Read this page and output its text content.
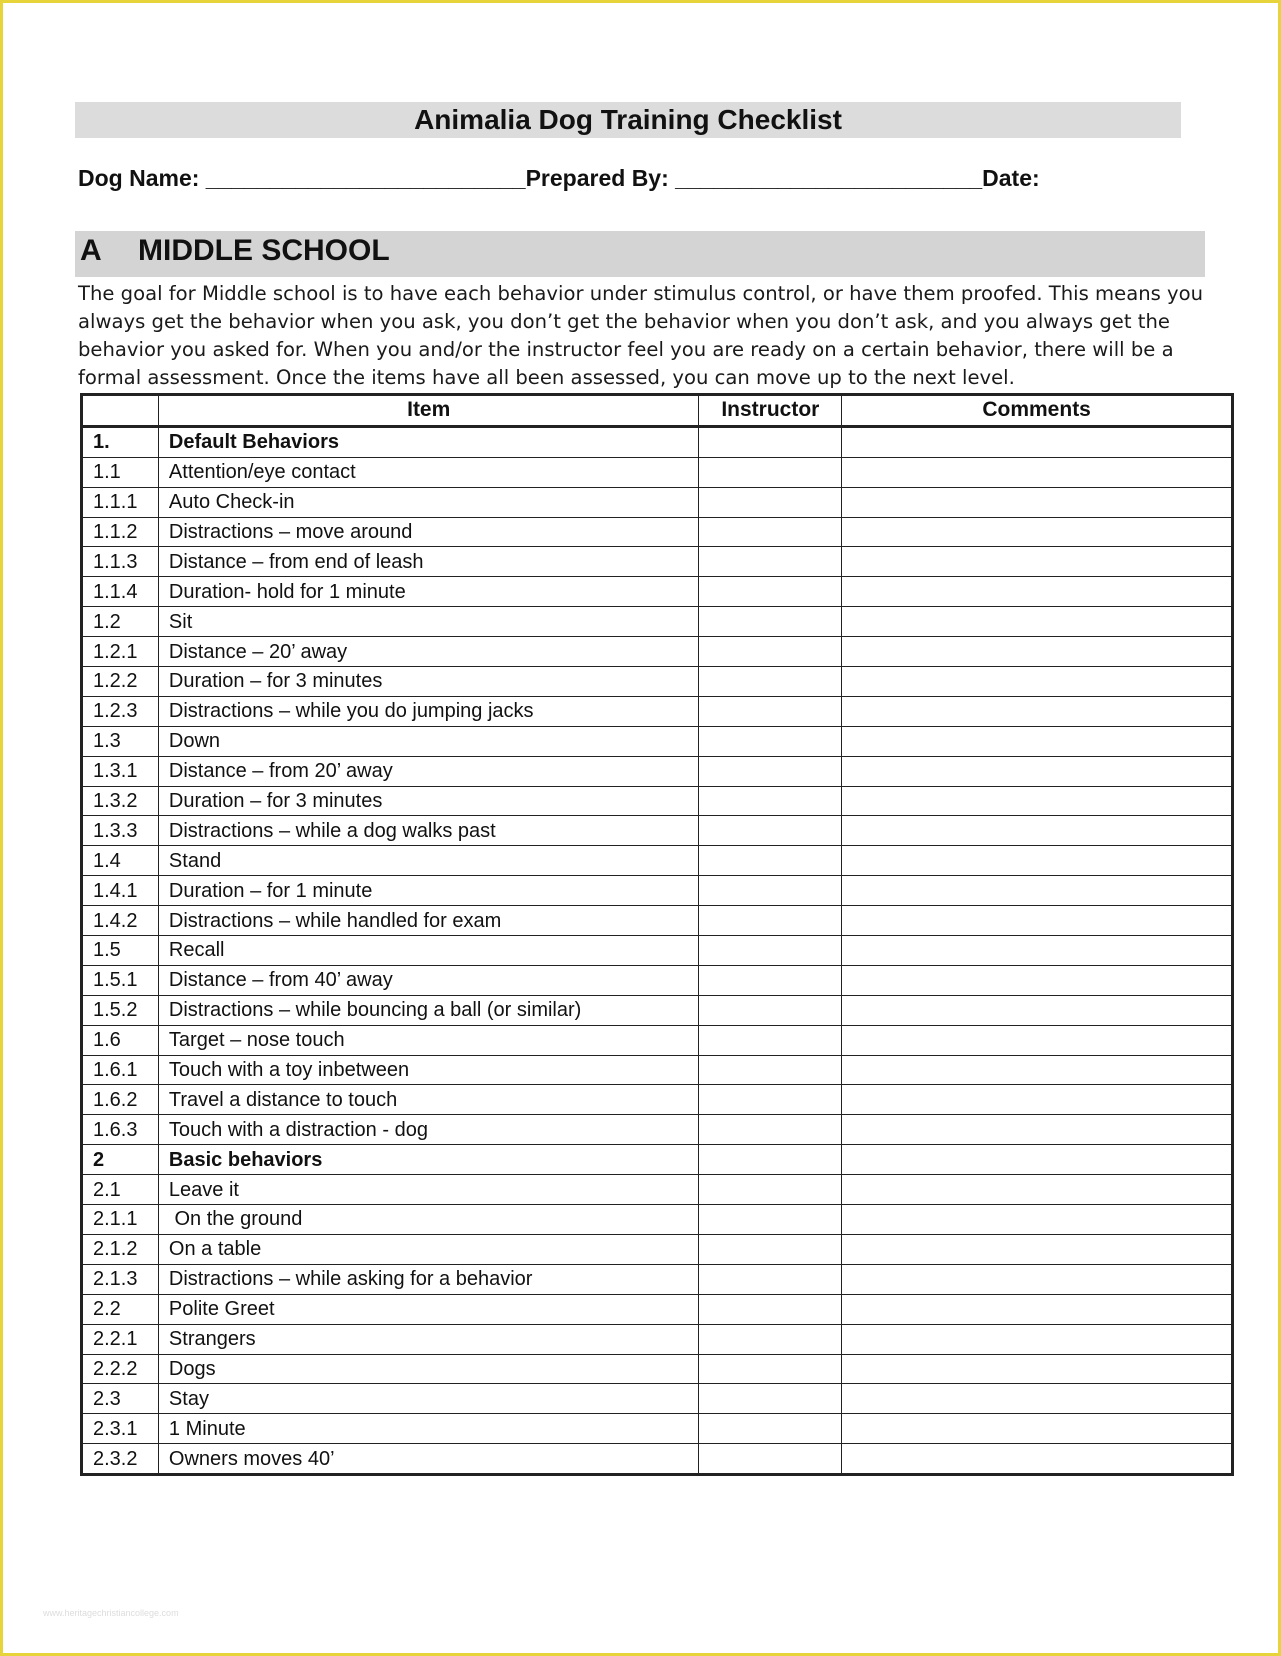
Animalia Dog Training Checklist
Dog Name: _________________________Prepared By: ________________________Date:
A MIDDLE SCHOOL
The goal for Middle school is to have each behavior under stimulus control, or have them proofed. This means you always get the behavior when you ask, you don’t get the behavior when you don’t ask, and you always get the behavior you asked for. When you and/or the instructor feel you are ready on a certain behavior, there will be a formal assessment. Once the items have all been assessed, you can move up to the next level.
	Item	Instructor	Comments
1.	Default Behaviors		
1.1	Attention/eye contact		
1.1.1	Auto Check-in		
1.1.2	Distractions – move around		
1.1.3	Distance – from end of leash		
1.1.4	Duration- hold for 1 minute		
1.2	Sit		
1.2.1	Distance – 20’ away		
1.2.2	Duration – for 3 minutes		
1.2.3	Distractions – while you do jumping jacks		
1.3	Down		
1.3.1	Distance – from 20’ away		
1.3.2	Duration – for 3 minutes		
1.3.3	Distractions – while a dog walks past		
1.4	Stand		
1.4.1	Duration – for 1 minute		
1.4.2	Distractions – while handled for exam		
1.5	Recall		
1.5.1	Distance – from 40’ away		
1.5.2	Distractions – while bouncing a ball (or similar)		
1.6	Target – nose touch		
1.6.1	Touch with a toy inbetween		
1.6.2	Travel a distance to touch		
1.6.3	Touch with a distraction - dog		
2	Basic behaviors		
2.1	Leave it		
2.1.1	On the ground		
2.1.2	On a table		
2.1.3	Distractions – while asking for a behavior		
2.2	Polite Greet		
2.2.1	Strangers		
2.2.2	Dogs		
2.3	Stay		
2.3.1	1 Minute		
2.3.2	Owners moves 40’		
www.heritagechristiancollege.com
